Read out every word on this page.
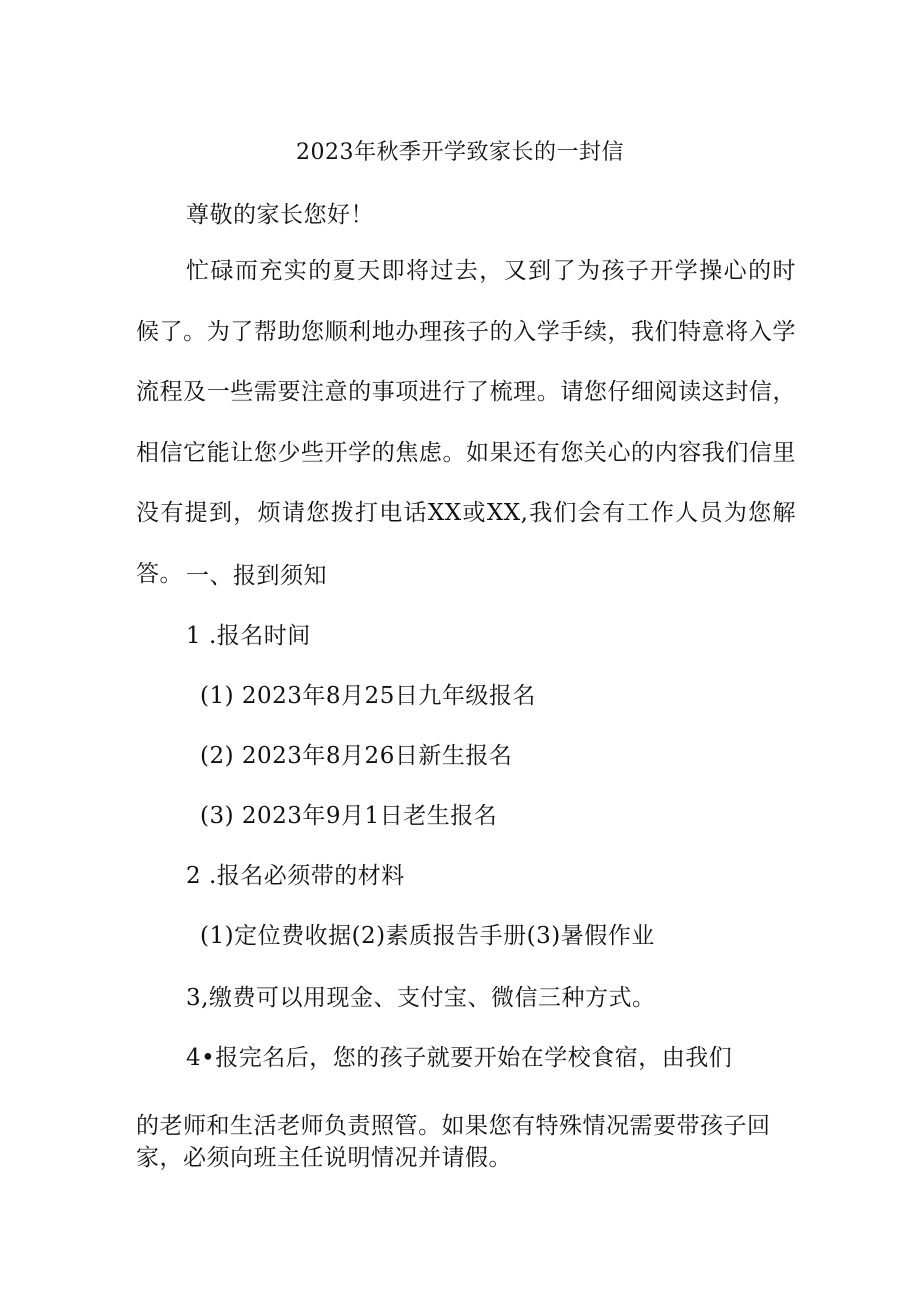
2023年秋季开学致家长的一封信
尊敬的家长您好！
忙碌而充实的夏天即将过去，又到了为孩子开学操心的时候了。为了帮助您顺利地办理孩子的入学手续，我们特意将入学流程及一些需要注意的事项进行了梳理。请您仔细阅读这封信，相信它能让您少些开学的焦虑。如果还有您关心的内容我们信里没有提到，烦请您拨打电话XX或XX,我们会有工作人员为您解答。 一、报到须知
1 .报名时间
(1) 2023年8月25日九年级报名
(2) 2023年8月26日新生报名
(3) 2023年9月1日老生报名
2 .报名必须带的材料
(1)定位费收据(2)素质报告手册(3)暑假作业
3,缴费可以用现金、支付宝、微信三种方式。
4•报完名后，您的孩子就要开始在学校食宿，由我们
的老师和生活老师负责照管。如果您有特殊情况需要带孩子回家，必须向班主任说明情况并请假。
